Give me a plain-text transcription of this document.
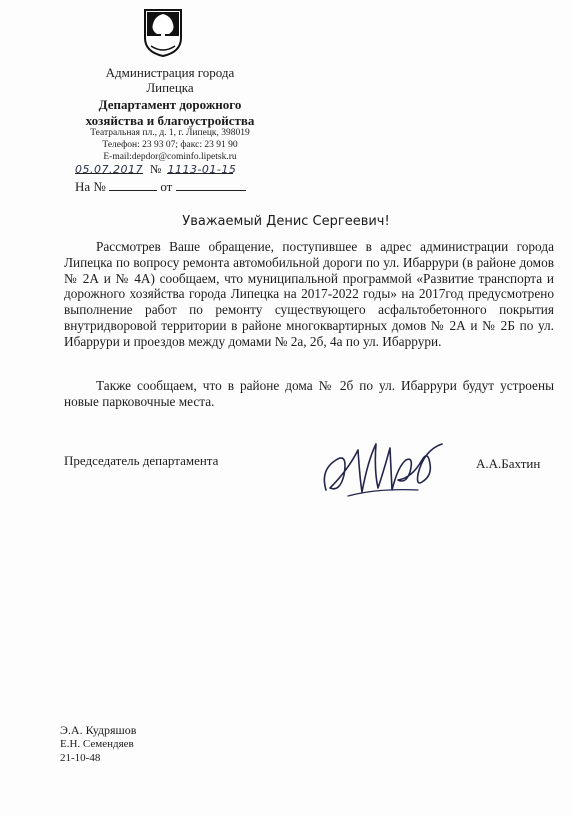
Администрация города
Липецка
Департамент дорожного
хозяйства и благоустройства
Театральная пл., д. 1, г. Липецк, 398019
Телефон: 23 93 07; факс: 23 91 90
E-mail:depdor@cominfo.lipetsk.ru
05.07.2017 № 1113-01-15
На №	от
Уважаемый Денис Сергеевич!
Рассмотрев Ваше обращение, поступившее в адрес администрации города Липецка по вопросу ремонта автомобильной дороги по ул. Ибаррури (в районе домов № 2А и № 4А) сообщаем, что муниципальной программой «Развитие транспорта и дорожного хозяйства города Липецка на 2017-2022 годы» на 2017год предусмотрено выполнение работ по ремонту существующего асфальтобетонного покрытия внутридворовой территории в районе многоквартирных домов № 2А и № 2Б по ул. Ибаррури и проездов между домами № 2а, 2б, 4а по ул. Ибаррури.
Также сообщаем, что в районе дома № 2б по ул. Ибаррури будут устроены новые парковочные места.
Председатель департамента	А.А.Бахтин
Э.А. Кудряшов
Е.Н. Семендяев
21-10-48
